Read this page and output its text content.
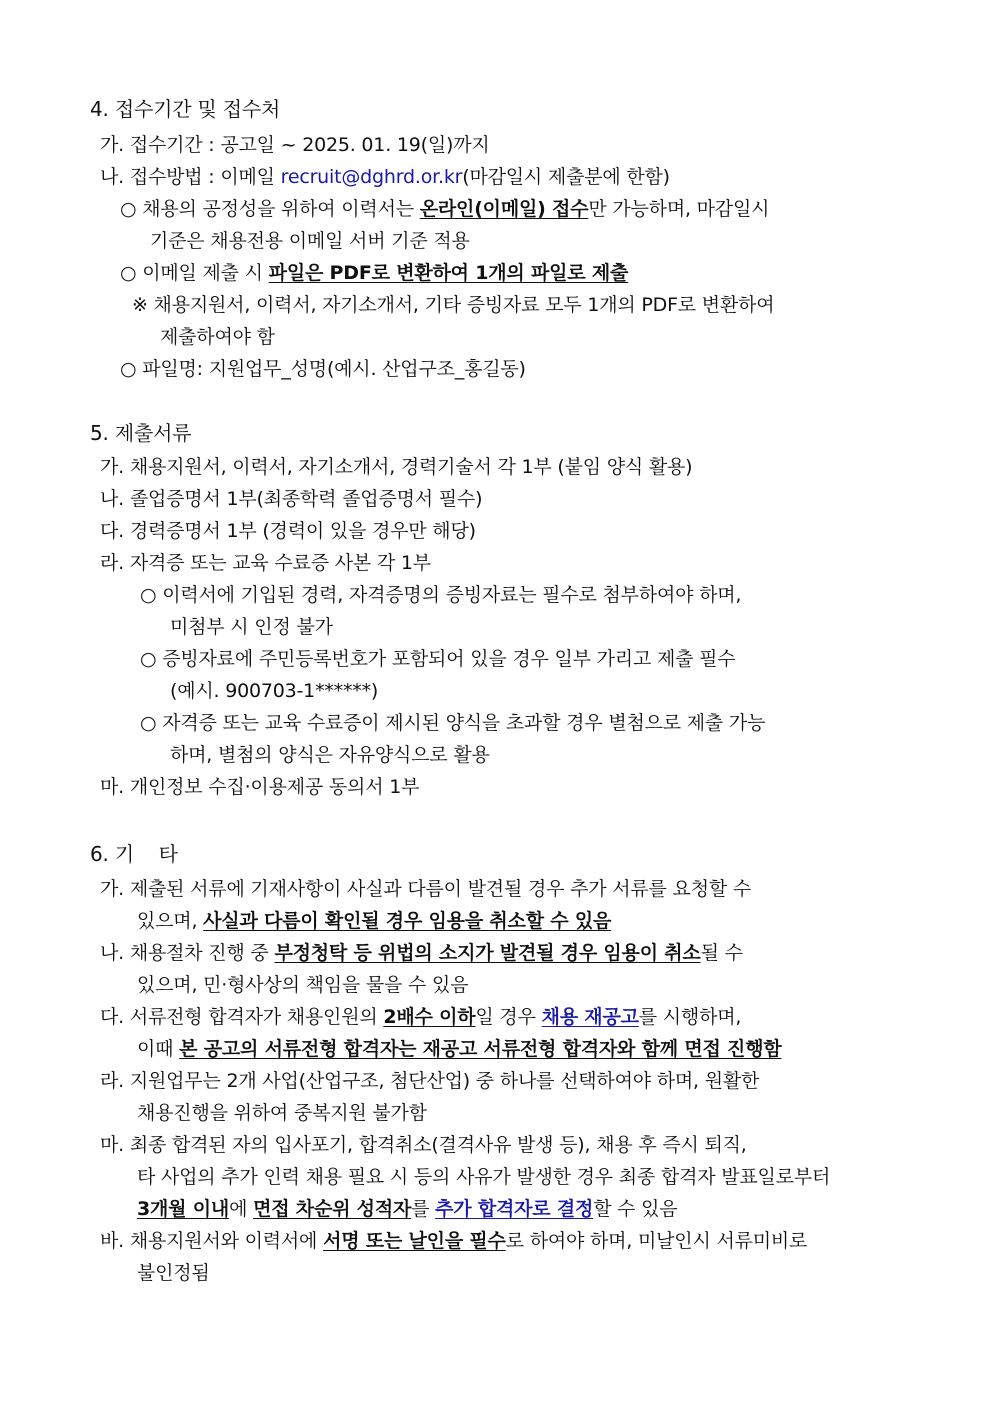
4. 접수기간 및 접수처
가. 접수기간 : 공고일 ~ 2025. 01. 19(일)까지
나. 접수방법 : 이메일 recruit@dghrd.or.kr(마감일시 제출분에 한함)
○ 채용의 공정성을 위하여 이력서는 온라인(이메일) 접수만 가능하며, 마감일시
기준은 채용전용 이메일 서버 기준 적용
○ 이메일 제출 시 파일은 PDF로 변환하여 1개의 파일로 제출
※ 채용지원서, 이력서, 자기소개서, 기타 증빙자료 모두 1개의 PDF로 변환하여
제출하여야 함
○ 파일명: 지원업무_성명(예시. 산업구조_홍길동)
5. 제출서류
가. 채용지원서, 이력서, 자기소개서, 경력기술서 각 1부 (붙임 양식 활용)
나. 졸업증명서 1부(최종학력 졸업증명서 필수)
다. 경력증명서 1부 (경력이 있을 경우만 해당)
라. 자격증 또는 교육 수료증 사본 각 1부
○ 이력서에 기입된 경력, 자격증명의 증빙자료는 필수로 첨부하여야 하며,
미첨부 시 인정 불가
○ 증빙자료에 주민등록번호가 포함되어 있을 경우 일부 가리고 제출 필수
(예시. 900703-1******)
○ 자격증 또는 교육 수료증이 제시된 양식을 초과할 경우 별첨으로 제출 가능
하며, 별첨의 양식은 자유양식으로 활용
마. 개인정보 수집·이용제공 동의서 1부
6. 기    타
가. 제출된 서류에 기재사항이 사실과 다름이 발견될 경우 추가 서류를 요청할 수
있으며, 사실과 다름이 확인될 경우 임용을 취소할 수 있음
나. 채용절차 진행 중 부정청탁 등 위법의 소지가 발견될 경우 임용이 취소될 수
있으며, 민·형사상의 책임을 물을 수 있음
다. 서류전형 합격자가 채용인원의 2배수 이하일 경우 채용 재공고를 시행하며,
이때 본 공고의 서류전형 합격자는 재공고 서류전형 합격자와 함께 면접 진행함
라. 지원업무는 2개 사업(산업구조, 첨단산업) 중 하나를 선택하여야 하며, 원활한
채용진행을 위하여 중복지원 불가함
마. 최종 합격된 자의 입사포기, 합격취소(결격사유 발생 등), 채용 후 즉시 퇴직,
타 사업의 추가 인력 채용 필요 시 등의 사유가 발생한 경우 최종 합격자 발표일로부터
3개월 이내에 면접 차순위 성적자를 추가 합격자로 결정할 수 있음
바. 채용지원서와 이력서에 서명 또는 날인을 필수로 하여야 하며, 미날인시 서류미비로
불인정됨
